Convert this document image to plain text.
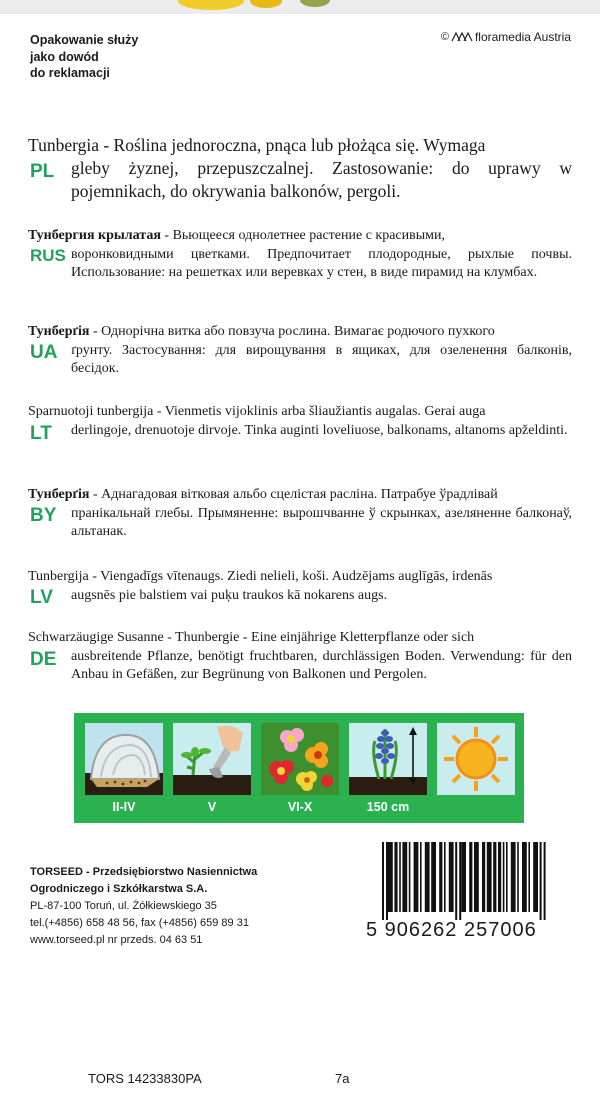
Opakowanie służy
jako dowód
do reklamacji
© floramedia Austria
PL
Tunbergia - Roślina jednoroczna, pnąca lub płożąca się. Wymaga
gleby żyznej, przepuszczalnej. Zastosowanie: do uprawy w pojemnikach, do okrywania balkonów, pergoli.
RUS
Тунбергия крылатая - Вьющееся однолетнее растение с красивыми,
воронковидными цветками. Предпочитает плодородные, рыхлые почвы. Использование: на решетках или веревках у стен, в виде пирамид на клумбах.
UA
Тунберґія - Однорічна витка або повзуча рослина. Вимагає родючого пухкого
ґрунту. Застосування: для вирощування в ящиках, для озеленення балконів, бесідок.
LT
Sparnuotoji tunbergija - Vienmetis vijoklinis arba šliaužiantis augalas. Gerai auga
derlingoje, drenuotoje dirvoje. Tinka auginti loveliuose, balkonams, altanoms apželdinti.
BY
Тунберґія - Аднагадовая вітковая альбо сцелістая расліна. Патрабуе ўрадлівай
пранікальнай глебы. Прымяненне: вырошчванне ў скрынках, азеляненне балконаў, альтанак.
LV
Tunbergija - Viengadīgs vītenaugs. Ziedi nelieli, koši. Audzējams auglīgās, irdenās
augsnēs pie balstiem vai puķu traukos kā nokarens augs.
DE
Schwarzäugige Susanne - Thunbergie - Eine einjährige Kletterpflanze oder sich
ausbreitende Pflanze, benötigt fruchtbaren, durchlässigen Boden. Verwendung: für den Anbau in Gefäßen, zur Begrünung von Balkonen und Pergolen.
II-IV	V	VI-X	150 cm
TORSEED - Przedsiębiorstwo Nasiennictwa
Ogrodniczego i Szkółkarstwa S.A.
PL-87-100 Toruń, ul. Żółkiewskiego 35
tel.(+4856) 658 48 56, fax (+4856) 659 89 31
www.torseed.pl nr przeds. 04 63 51	5 906262 257006
TORS 14233830PA	7a
